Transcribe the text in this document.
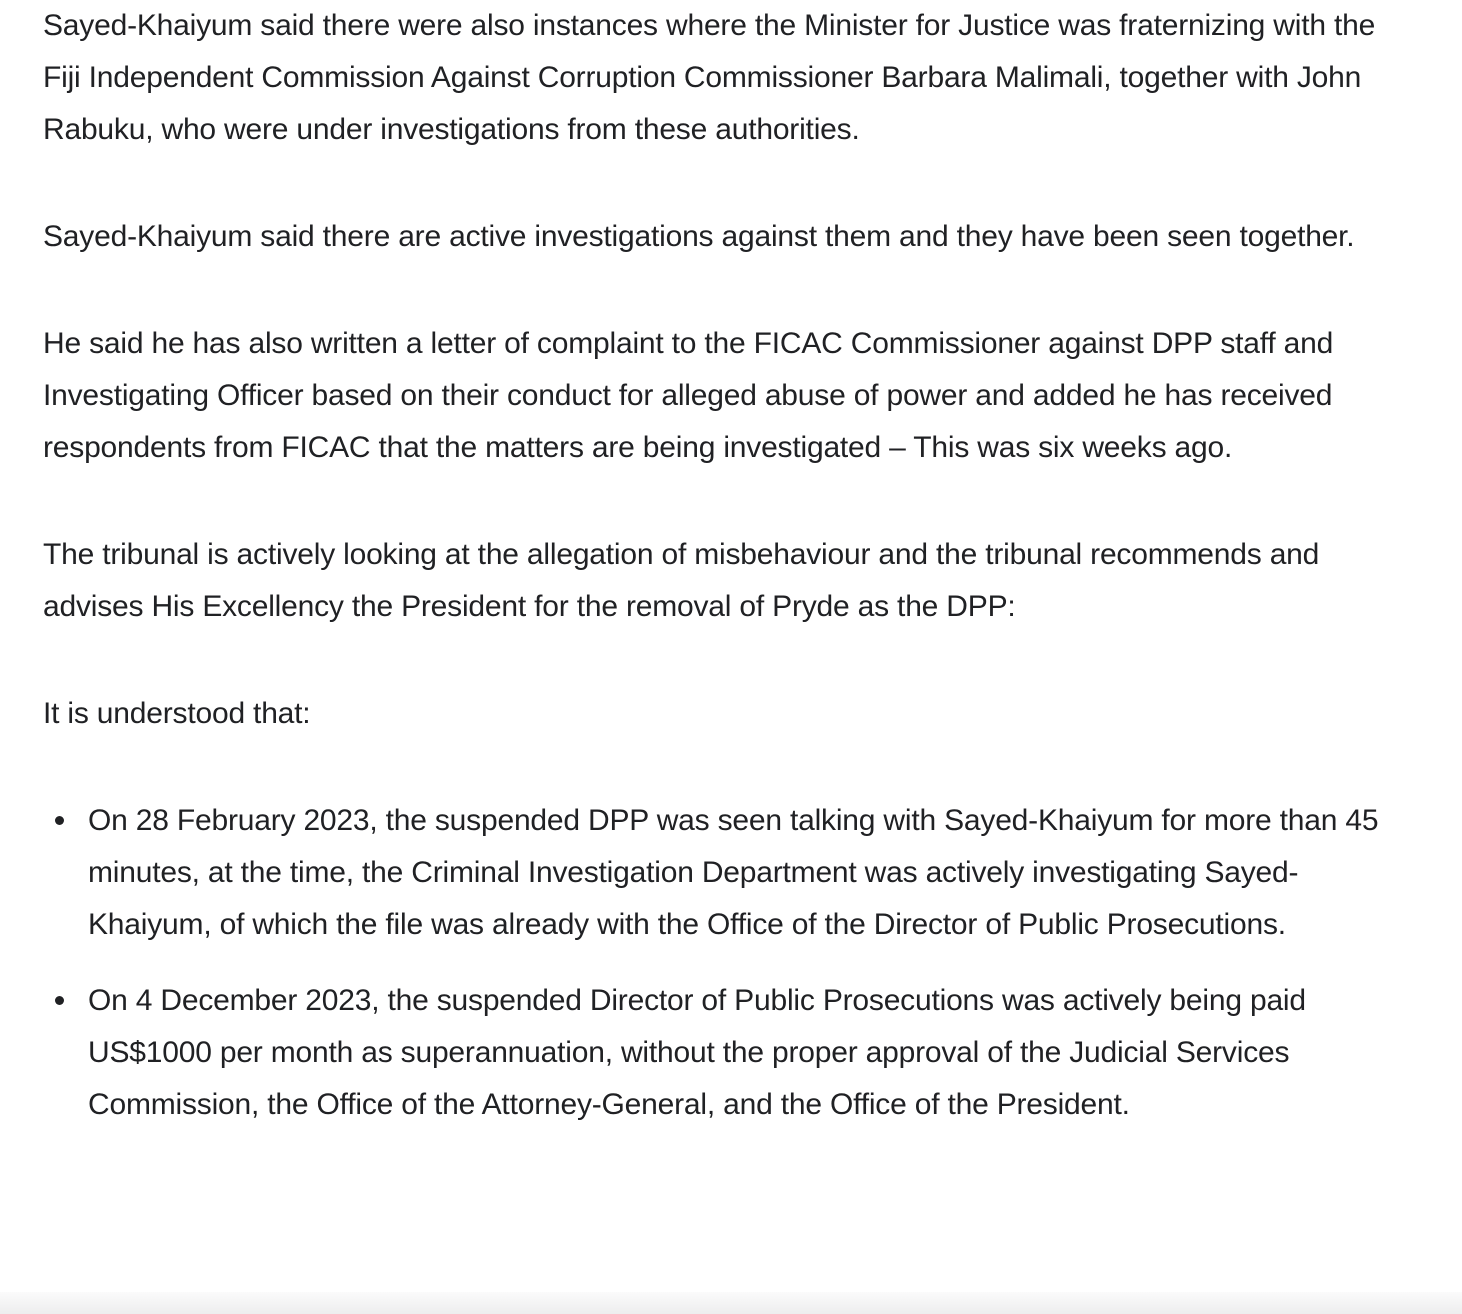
Sayed-Khaiyum said there were also instances where the Minister for Justice was fraternizing with the Fiji Independent Commission Against Corruption Commissioner Barbara Malimali, together with John Rabuku, who were under investigations from these authorities.

Sayed-Khaiyum said there are active investigations against them and they have been seen together.

He said he has also written a letter of complaint to the FICAC Commissioner against DPP staff and Investigating Officer based on their conduct for alleged abuse of power and added he has received respondents from FICAC that the matters are being investigated – This was six weeks ago.

The tribunal is actively looking at the allegation of misbehaviour and the tribunal recommends and advises His Excellency the President for the removal of Pryde as the DPP:

It is understood that:

On 28 February 2023, the suspended DPP was seen talking with Sayed-Khaiyum for more than 45 minutes, at the time, the Criminal Investigation Department was actively investigating Sayed-Khaiyum, of which the file was already with the Office of the Director of Public Prosecutions.
On 4 December 2023, the suspended Director of Public Prosecutions was actively being paid US$1000 per month as superannuation, without the proper approval of the Judicial Services Commission, the Office of the Attorney-General, and the Office of the President.
